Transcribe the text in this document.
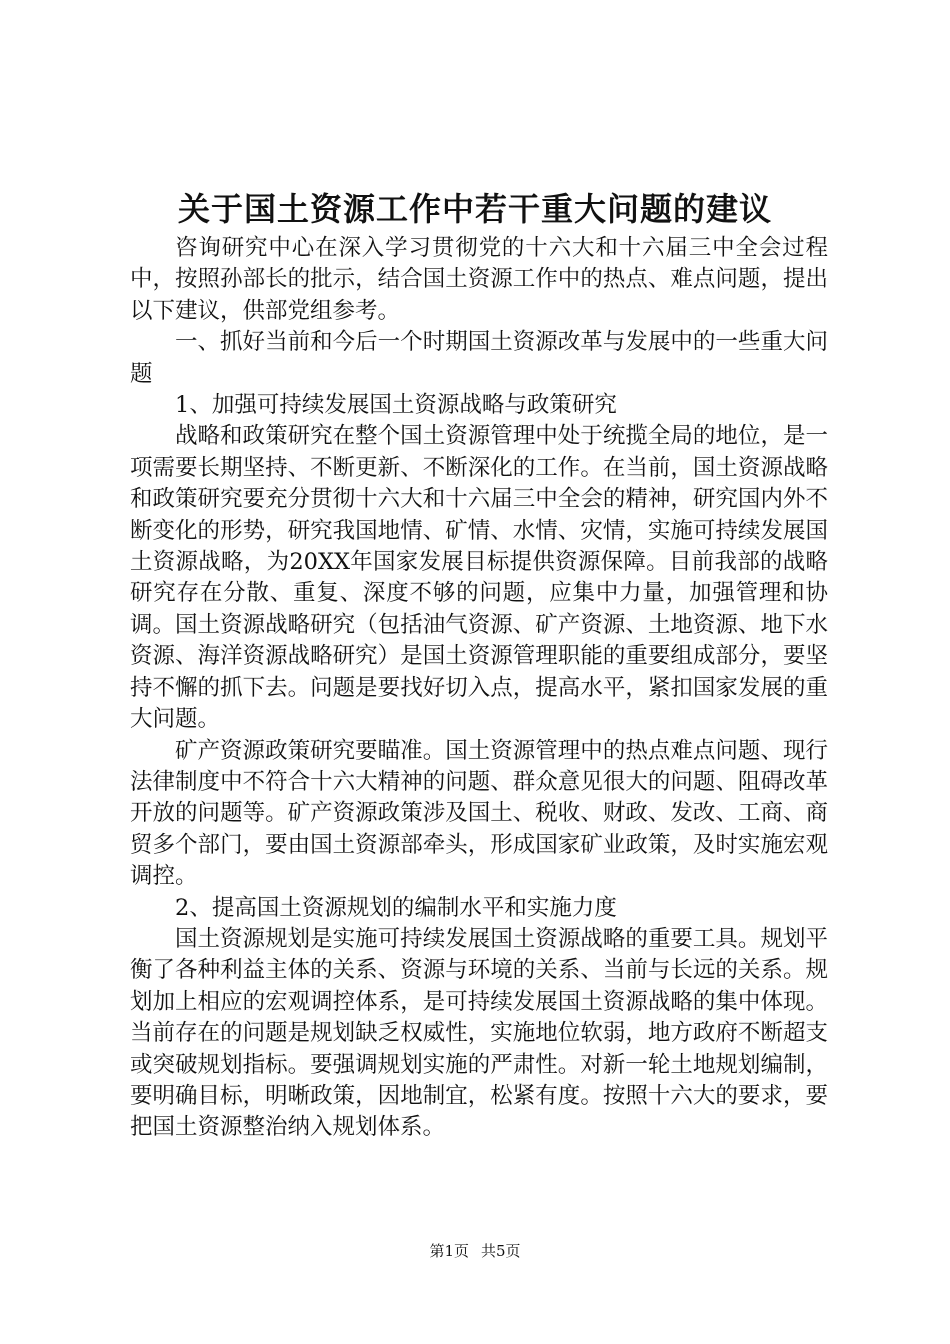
关于国土资源工作中若干重大问题的建议

咨询研究中心在深入学习贯彻党的十六大和十六届三中全会过程中，按照孙部长的批示，结合国土资源工作中的热点、难点问题，提出以下建议，供部党组参考。

一、抓好当前和今后一个时期国土资源改革与发展中的一些重大问题

1、加强可持续发展国土资源战略与政策研究

战略和政策研究在整个国土资源管理中处于统揽全局的地位，是一项需要长期坚持、不断更新、不断深化的工作。在当前，国土资源战略和政策研究要充分贯彻十六大和十六届三中全会的精神，研究国内外不断变化的形势，研究我国地情、矿情、水情、灾情，实施可持续发展国土资源战略，为20XX年国家发展目标提供资源保障。目前我部的战略研究存在分散、重复、深度不够的问题，应集中力量，加强管理和协调。国土资源战略研究（包括油气资源、矿产资源、土地资源、地下水资源、海洋资源战略研究）是国土资源管理职能的重要组成部分，要坚持不懈的抓下去。问题是要找好切入点，提高水平，紧扣国家发展的重大问题。

矿产资源政策研究要瞄准。国土资源管理中的热点难点问题、现行法律制度中不符合十六大精神的问题、群众意见很大的问题、阻碍改革开放的问题等。矿产资源政策涉及国土、税收、财政、发改、工商、商贸多个部门，要由国土资源部牵头，形成国家矿业政策，及时实施宏观调控。

2、提高国土资源规划的编制水平和实施力度

国土资源规划是实施可持续发展国土资源战略的重要工具。规划平衡了各种利益主体的关系、资源与环境的关系、当前与长远的关系。规划加上相应的宏观调控体系，是可持续发展国土资源战略的集中体现。当前存在的问题是规划缺乏权威性，实施地位软弱，地方政府不断超支或突破规划指标。要强调规划实施的严肃性。对新一轮土地规划编制，要明确目标，明晰政策，因地制宜，松紧有度。按照十六大的要求，要把国土资源整治纳入规划体系。

第1页 共5页
